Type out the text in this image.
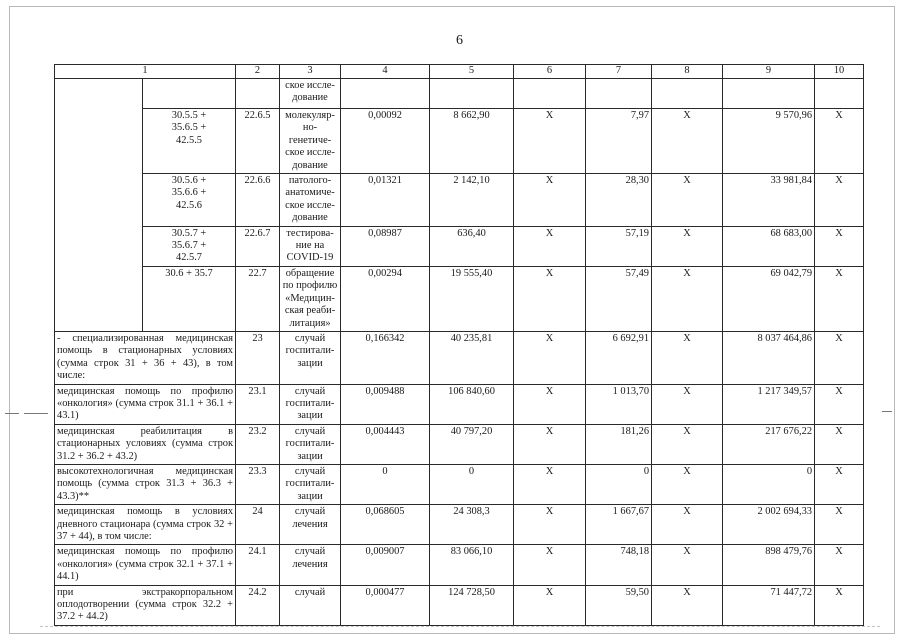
6
1		2	3	4	5	6	7	8	9	10
			ское иссле-
дование							
	30.5.5 +
35.6.5 +
42.5.5	22.6.5	молекуляр-
но-
генетиче-
ское иссле-
дование	0,00092	8 662,90	X	7,97	X	9 570,96	X
	30.5.6 +
35.6.6 +
42.5.6	22.6.6	патолого-
анатомиче-
ское иссле-
дование	0,01321	2 142,10	X	28,30	X	33 981,84	X
	30.5.7 +
35.6.7 +
42.5.7	22.6.7	тестирова-
ние на
COVID-19	0,08987	636,40	X	57,19	X	68 683,00	X
	30.6 + 35.7	22.7	обращение
по профилю
«Медицин-
ская реаби-
литация»	0,00294	19 555,40	X	57,49	X	69 042,79	X
- специализированная медицинская помощь в стационарных условиях (сумма строк 31 + 36 + 43), в том числе:		23	случай
госпитали-
зации	0,166342	40 235,81	X	6 692,91	X	8 037 464,86	X
медицинская помощь по профилю «онкология» (сумма строк 31.1 + 36.1 + 43.1)		23.1	случай
госпитали-
зации	0,009488	106 840,60	X	1 013,70	X	1 217 349,57	X
медицинская реабилитация в стационарных условиях (сумма строк 31.2 + 36.2 + 43.2)		23.2	случай
госпитали-
зации	0,004443	40 797,20	X	181,26	X	217 676,22	X
высокотехнологичная медицинская помощь (сумма строк 31.3 + 36.3 + 43.3)**		23.3	случай
госпитали-
зации	0	0	X	0	X	0	X
медицинская помощь в условиях дневного стационара (сумма строк 32 + 37 + 44), в том числе:		24	случай
лечения	0,068605	24 308,3	X	1 667,67	X	2 002 694,33	X
медицинская помощь по профилю «онкология» (сумма строк 32.1 + 37.1 + 44.1)		24.1	случай
лечения	0,009007	83 066,10	X	748,18	X	898 479,76	X
при экстракорпоральном оплодотворении (сумма строк 32.2 + 37.2 + 44.2)		24.2	случай	0,000477	124 728,50	X	59,50	X	71 447,72	X
